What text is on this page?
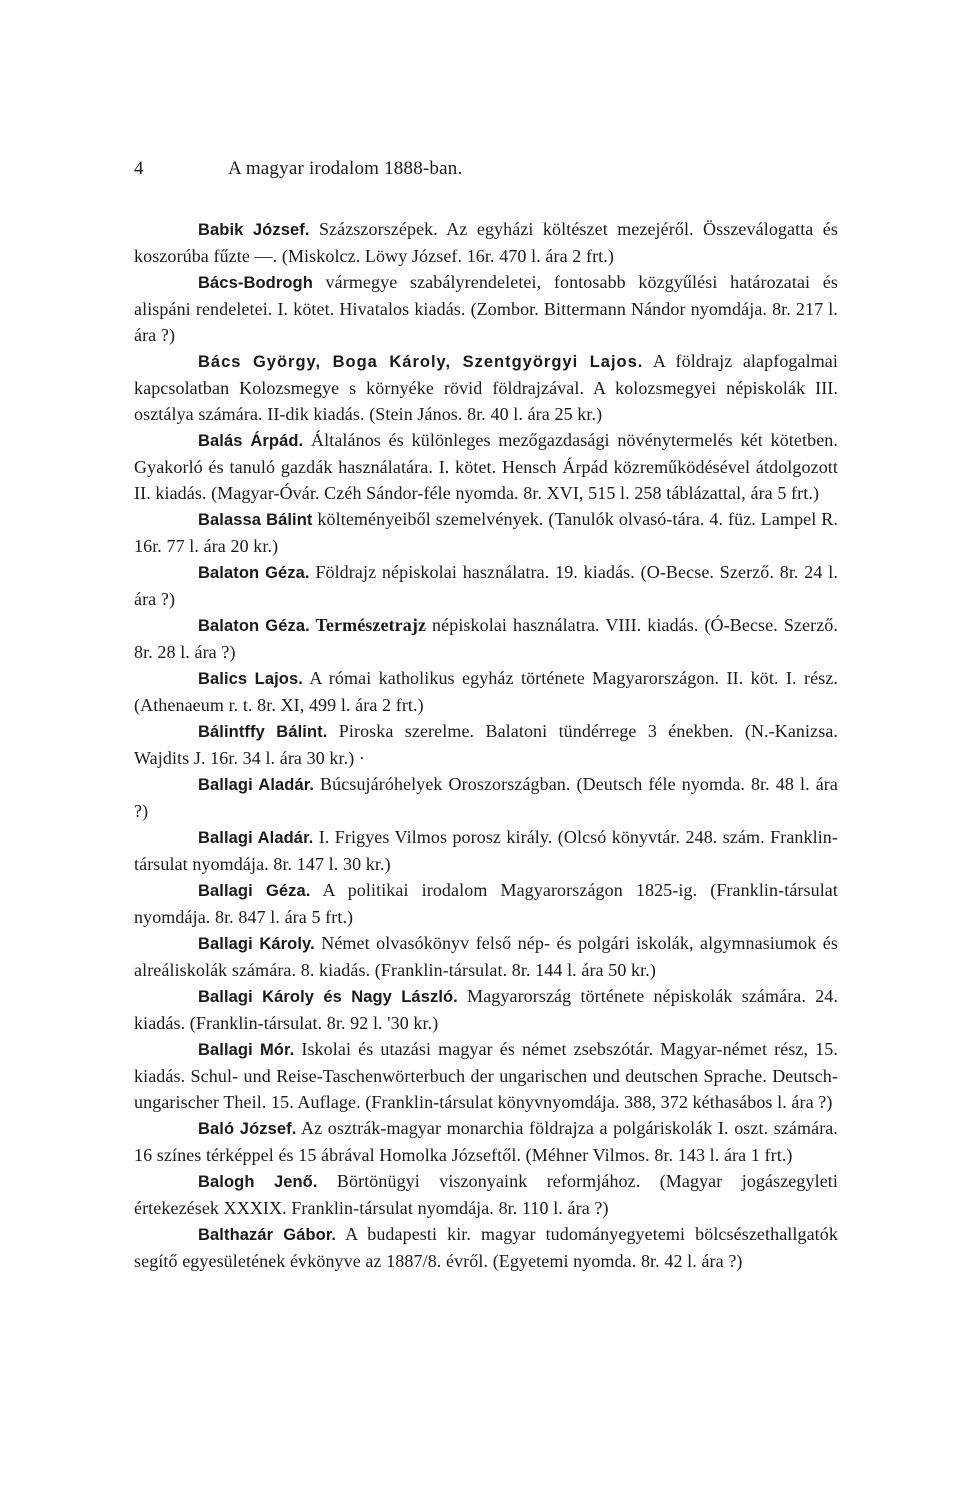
4	A magyar irodalom 1888-ban.

Babik József. Százszorszépek. Az egyházi költészet mezejéről. Összeválogatta és koszorúba fűzte —. (Miskolcz. Löwy József. 16r. 470 l. ára 2 frt.)

Bács-Bodrogh vármegye szabályrendeletei, fontosabb közgyűlési határozatai és alispáni rendeletei. I. kötet. Hivatalos kiadás. (Zombor. Bittermann Nándor nyomdája. 8r. 217 l. ára ?)

Bács György, Boga Károly, Szentgyörgyi Lajos. A földrajz alapfogalmai kapcsolatban Kolozsmegye s környéke rövid földrajzával. A kolozsmegyei népiskolák III. osztálya számára. II-dik kiadás. (Stein János. 8r. 40 l. ára 25 kr.)

Balás Árpád. Általános és különleges mezőgazdasági növénytermelés két kötetben. Gyakorló és tanuló gazdák használatára. I. kötet. Hensch Árpád közreműködésével átdolgozott II. kiadás. (Magyar-Óvár. Czéh Sándor-féle nyomda. 8r. XVI, 515 l. 258 táblázattal, ára 5 frt.)

Balassa Bálint költeményeiből szemelvények. (Tanulók olvasó-tára. 4. füz. Lampel R. 16r. 77 l. ára 20 kr.)

Balaton Géza. Földrajz népiskolai használatra. 19. kiadás. (O-Becse. Szerző. 8r. 24 l. ára ?)

Balaton Géza. Természetrajz népiskolai használatra. VIII. kiadás. (Ó-Becse. Szerző. 8r. 28 l. ára ?)

Balics Lajos. A római katholikus egyház története Magyarországon. II. köt. I. rész. (Athenaeum r. t. 8r. XI, 499 l. ára 2 frt.)

Bálintffy Bálint. Piroska szerelme. Balatoni tündérrege 3 énekben. (N.-Kanizsa. Wajdits J. 16r. 34 l. ára 30 kr.) ·

Ballagi Aladár. Búcsujáróhelyek Oroszországban. (Deutsch féle nyomda. 8r. 48 l. ára ?)

Ballagi Aladár. I. Frigyes Vilmos porosz király. (Olcsó könyvtár. 248. szám. Franklin-társulat nyomdája. 8r. 147 l. 30 kr.)

Ballagi Géza. A politikai irodalom Magyarországon 1825-ig. (Franklin-társulat nyomdája. 8r. 847 l. ára 5 frt.)

Ballagi Károly. Német olvasókönyv felső nép- és polgári iskolák, algymnasiumok és alreáliskolák számára. 8. kiadás. (Franklin-társulat. 8r. 144 l. ára 50 kr.)

Ballagi Károly és Nagy László. Magyarország története népiskolák számára. 24. kiadás. (Franklin-társulat. 8r. 92 l. '30 kr.)

Ballagi Mór. Iskolai és utazási magyar és német zsebszótár. Magyar-német rész, 15. kiadás. Schul- und Reise-Taschenwörterbuch der ungarischen und deutschen Sprache. Deutsch-ungarischer Theil. 15. Auflage. (Franklin-társulat könyvnyomdája. 388, 372 kéthasábos l. ára ?)

Baló József. Az osztrák-magyar monarchia földrajza a polgáriskolák I. oszt. számára. 16 színes térképpel és 15 ábrával Homolka Józseftől. (Méhner Vilmos. 8r. 143 l. ára 1 frt.)

Balogh Jenő. Börtönügyi viszonyaink reformjához. (Magyar jogászegyleti értekezések XXXIX. Franklin-társulat nyomdája. 8r. 110 l. ára ?)

Balthazár Gábor. A budapesti kir. magyar tudományegyetemi bölcsészethallgatók segítő egyesületének évkönyve az 1887/8. évről. (Egyetemi nyomda. 8r. 42 l. ára ?)
